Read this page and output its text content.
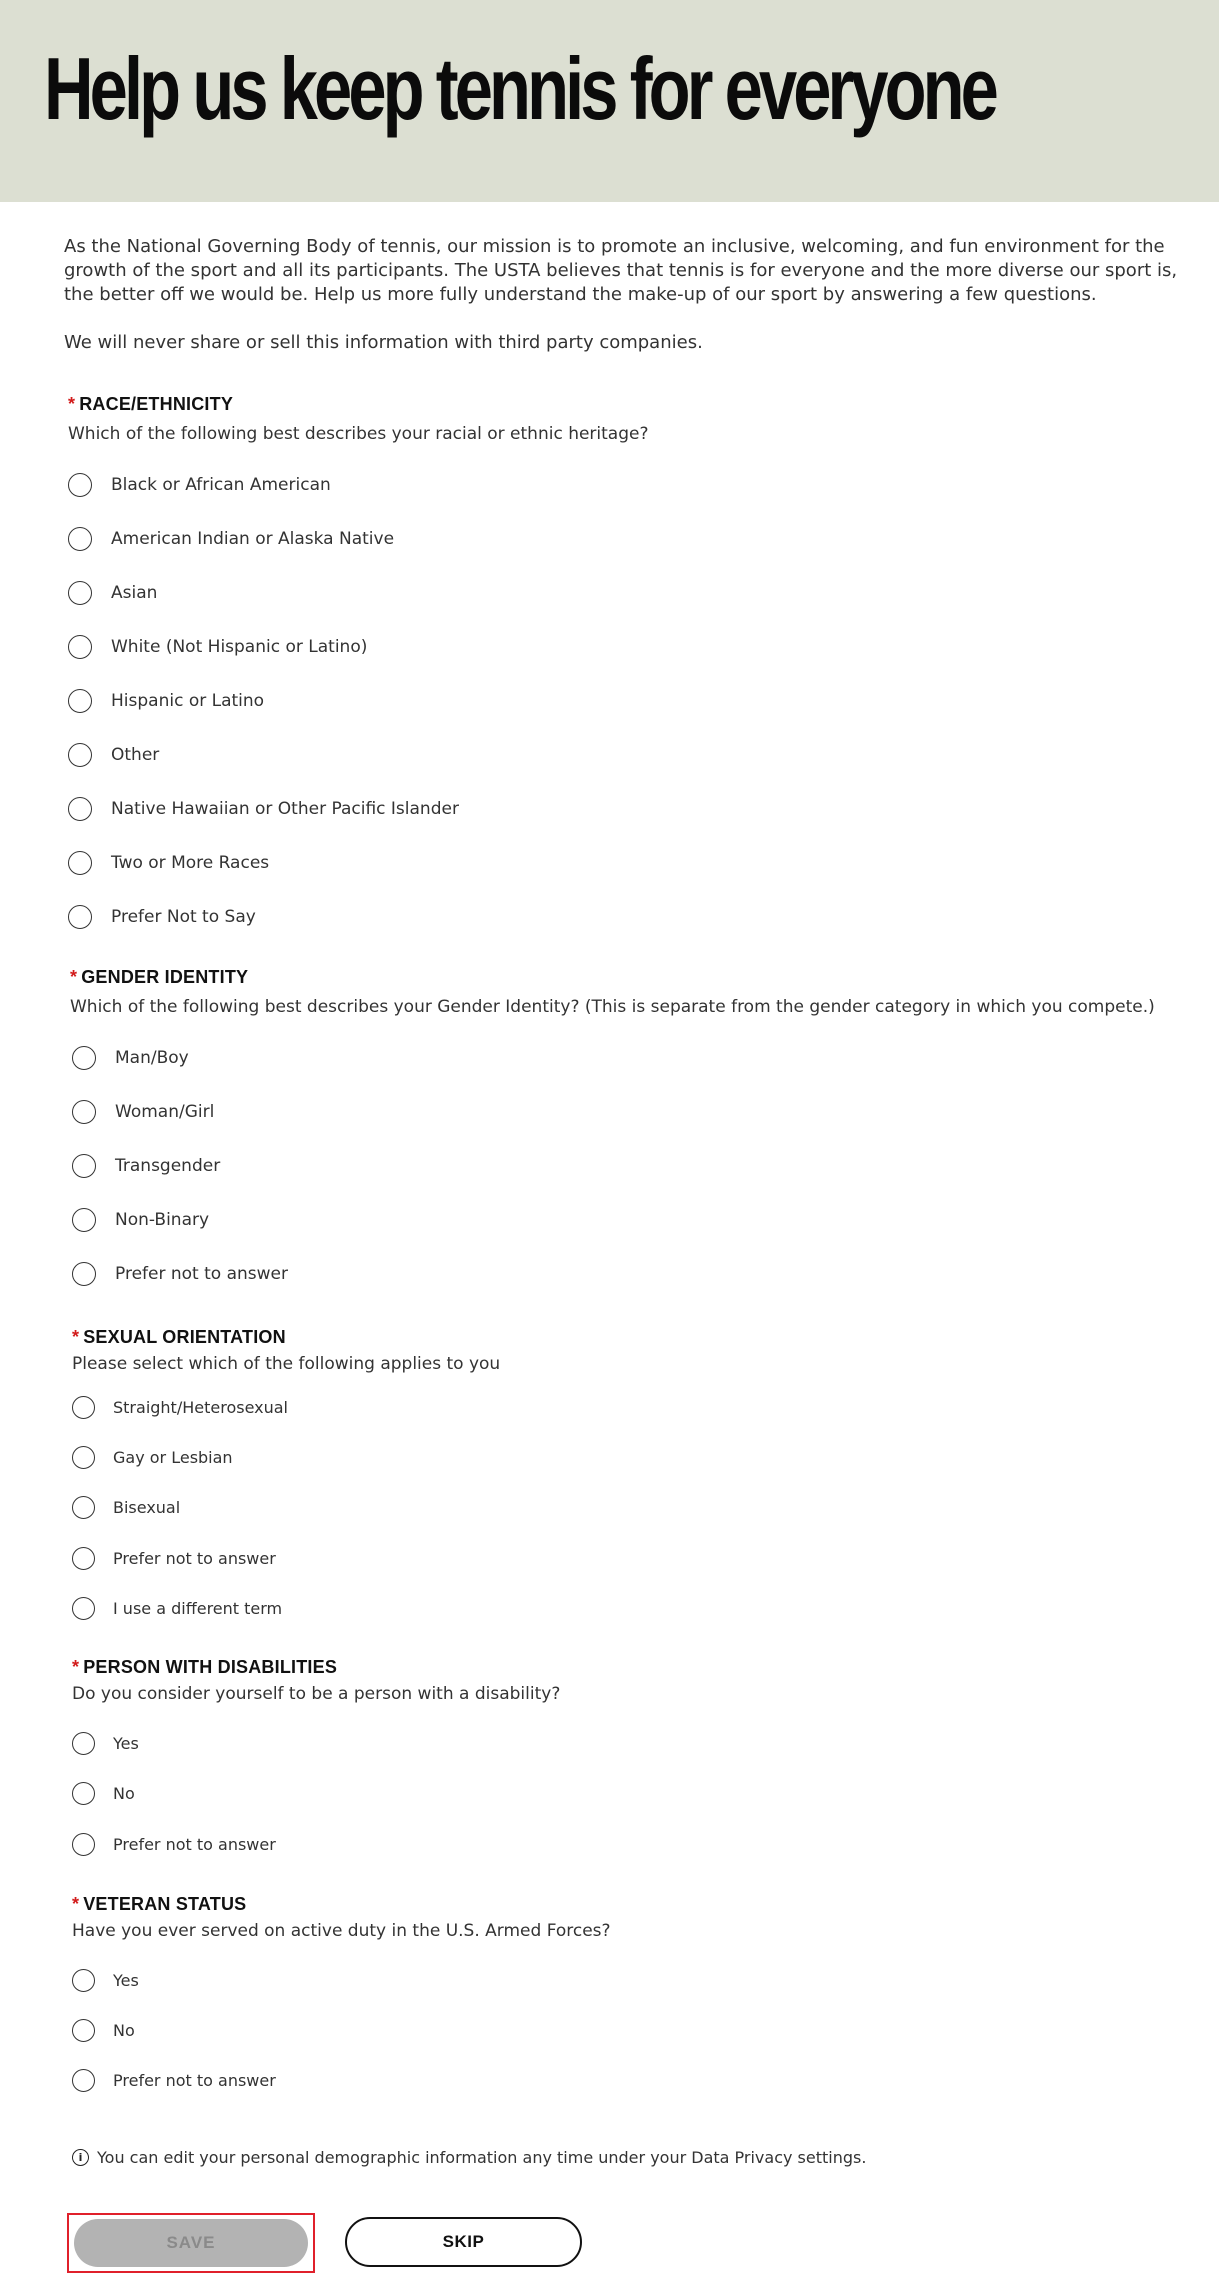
Help us keep tennis for everyone

As the National Governing Body of tennis, our mission is to promote an inclusive, welcoming, and fun environment for the growth of the sport and all its participants. The USTA believes that tennis is for everyone and the more diverse our sport is, the better off we would be. Help us more fully understand the make-up of our sport by answering a few questions.

We will never share or sell this information with third party companies.

* RACE/ETHNICITY
Which of the following best describes your racial or ethnic heritage?
Black or African American
American Indian or Alaska Native
Asian
White (Not Hispanic or Latino)
Hispanic or Latino
Other
Native Hawaiian or Other Pacific Islander
Two or More Races
Prefer Not to Say
* GENDER IDENTITY
Which of the following best describes your Gender Identity? (This is separate from the gender category in which you compete.)
Man/Boy
Woman/Girl
Transgender
Non-Binary
Prefer not to answer
* SEXUAL ORIENTATION
Please select which of the following applies to you
Straight/Heterosexual
Gay or Lesbian
Bisexual
Prefer not to answer
I use a different term
* PERSON WITH DISABILITIES
Do you consider yourself to be a person with a disability?
Yes
No
Prefer not to answer
* VETERAN STATUS
Have you ever served on active duty in the U.S. Armed Forces?
Yes
No
Prefer not to answer
i You can edit your personal demographic information any time under your Data Privacy settings.
SAVE	SKIP
